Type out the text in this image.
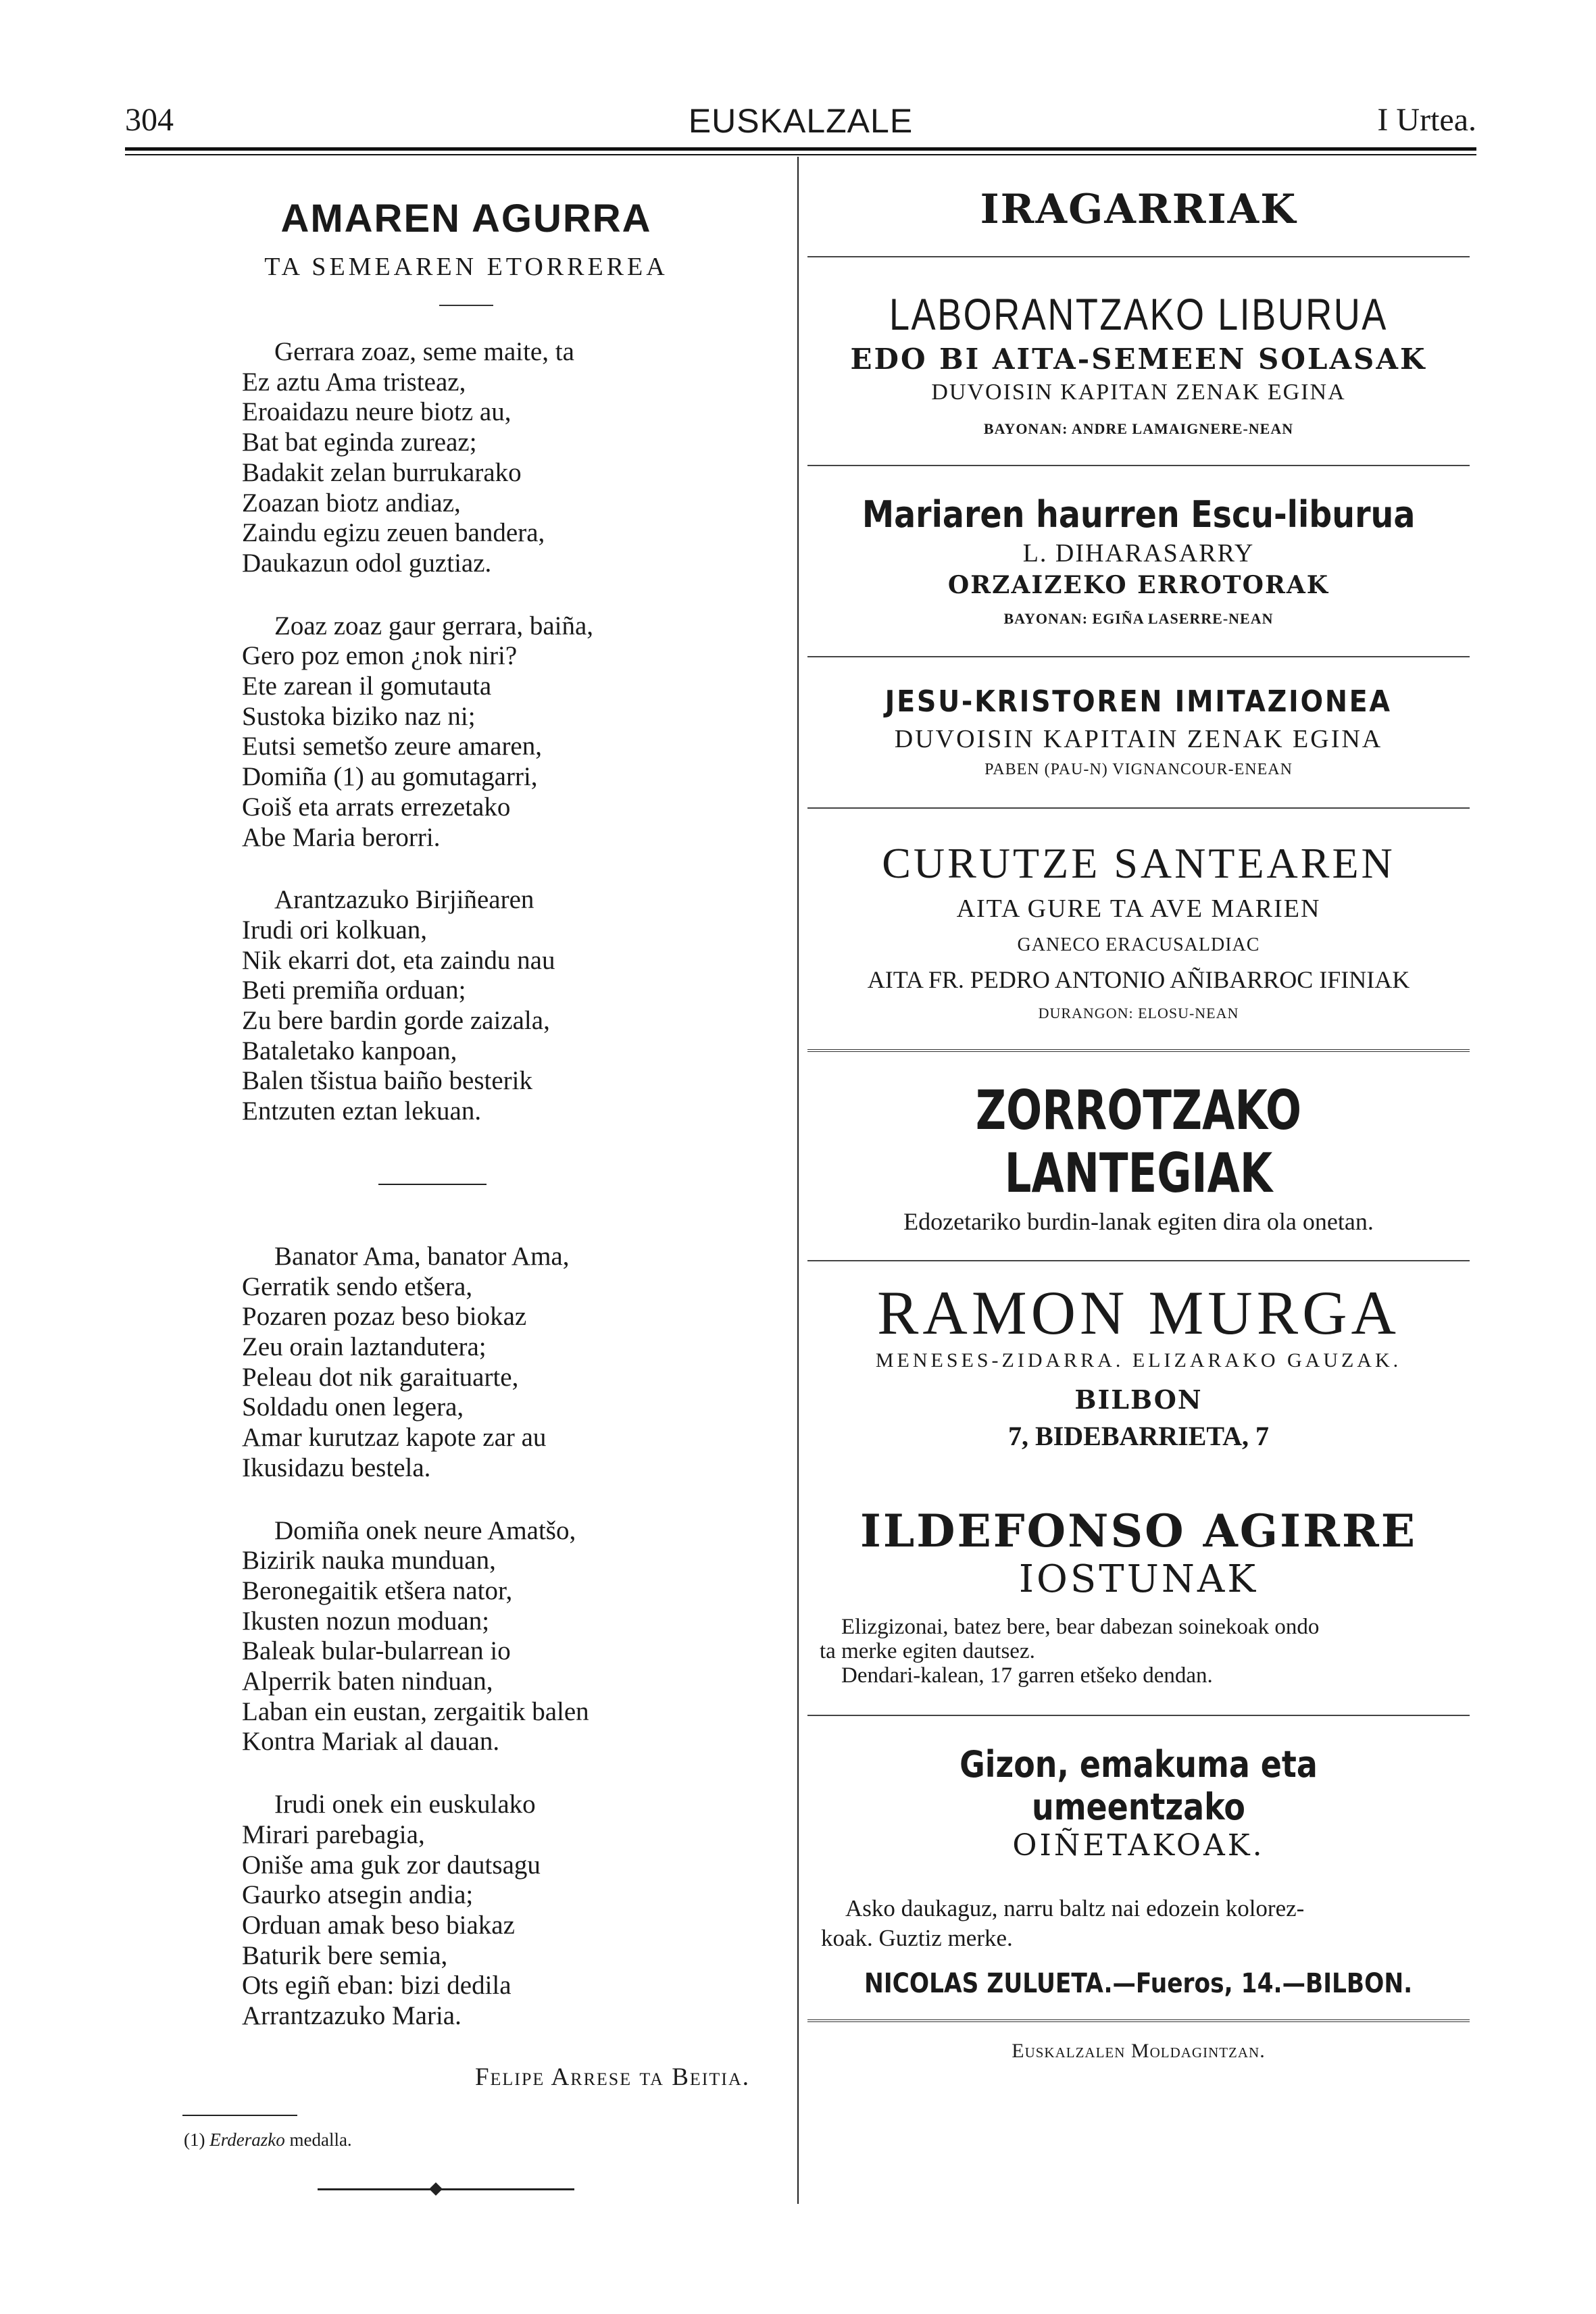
304	EUSKALZALE	I Urtea.
AMAREN AGURRA
TA SEMEAREN ETORREREA
Gerrara zoaz, seme maite, ta
Ez aztu Ama tristeaz,
Eroaidazu neure biotz au,
Bat bat eginda zureaz;
Badakit zelan burrukarako
Zoazan biotz andiaz,
Zaindu egizu zeuen bandera,
Daukazun odol guztiaz.
Zoaz zoaz gaur gerrara, baiña,
Gero poz emon ¿nok niri?
Ete zarean il gomutauta
Sustoka biziko naz ni;
Eutsi semetšo zeure amaren,
Domiña (1) au gomutagarri,
Goiš eta arrats errezetako
Abe Maria berorri.
Arantzazuko Birjiñearen
Irudi ori kolkuan,
Nik ekarri dot, eta zaindu nau
Beti premiña orduan;
Zu bere bardin gorde zaizala,
Bataletako kanpoan,
Balen tšistua baiño besterik
Entzuten eztan lekuan.
Banator Ama, banator Ama,
Gerratik sendo etšera,
Pozaren pozaz beso biokaz
Zeu orain laztandutera;
Peleau dot nik garaituarte,
Soldadu onen legera,
Amar kurutzaz kapote zar au
Ikusidazu bestela.
Domiña onek neure Amatšo,
Bizirik nauka munduan,
Beronegaitik etšera nator,
Ikusten nozun moduan;
Baleak bular-bularrean io
Alperrik baten ninduan,
Laban ein eustan, zergaitik balen
Kontra Mariak al dauan.
Irudi onek ein euskulako
Mirari parebagia,
Oniše ama guk zor dautsagu
Gaurko atsegin andia;
Orduan amak beso biakaz
Baturik bere semia,
Ots egiñ eban: bizi dedila
Arrantzazuko Maria.
Felipe Arrese ta Beitia.
(1) Erderazko medalla.
IRAGARRIAK
LABORANTZAKO LIBURUA
EDO BI AITA-SEMEEN SOLASAK
DUVOISIN KAPITAN ZENAK EGINA
BAYONAN: ANDRE LAMAIGNERE-NEAN
Mariaren haurren Escu-liburua
L. DIHARASARRY
ORZAIZEKO ERROTORAK
BAYONAN: EGIÑA LASERRE-NEAN
JESU-KRISTOREN IMITAZIONEA
DUVOISIN KAPITAIN ZENAK EGINA
PABEN (PAU-N) VIGNANCOUR-ENEAN
CURUTZE SANTEAREN
AITA GURE TA AVE MARIEN
GANECO ERACUSALDIAC
AITA FR. PEDRO ANTONIO AÑIBARROC IFINIAK
DURANGON: ELOSU-NEAN
ZORROTZAKO LANTEGIAK
Edozetariko burdin-lanak egiten dira ola onetan.
RAMON MURGA
MENESES-ZIDARRA. ELIZARAKO GAUZAK.
BILBON
7, BIDEBARRIETA, 7
ILDEFONSO AGIRRE
IOSTUNAK
Elizgizonai, batez bere, bear dabezan soinekoak ondo
ta merke egiten dautsez.
Dendari-kalean, 17 garren etšeko dendan.
Gizon, emakuma eta umeentzako
OIÑETAKOAK.
Asko daukaguz, narru baltz nai edozein kolorez-
koak. Guztiz merke.
NICOLAS ZULUETA.—Fueros, 14.—BILBON.
Euskalzalen Moldagintzan.
